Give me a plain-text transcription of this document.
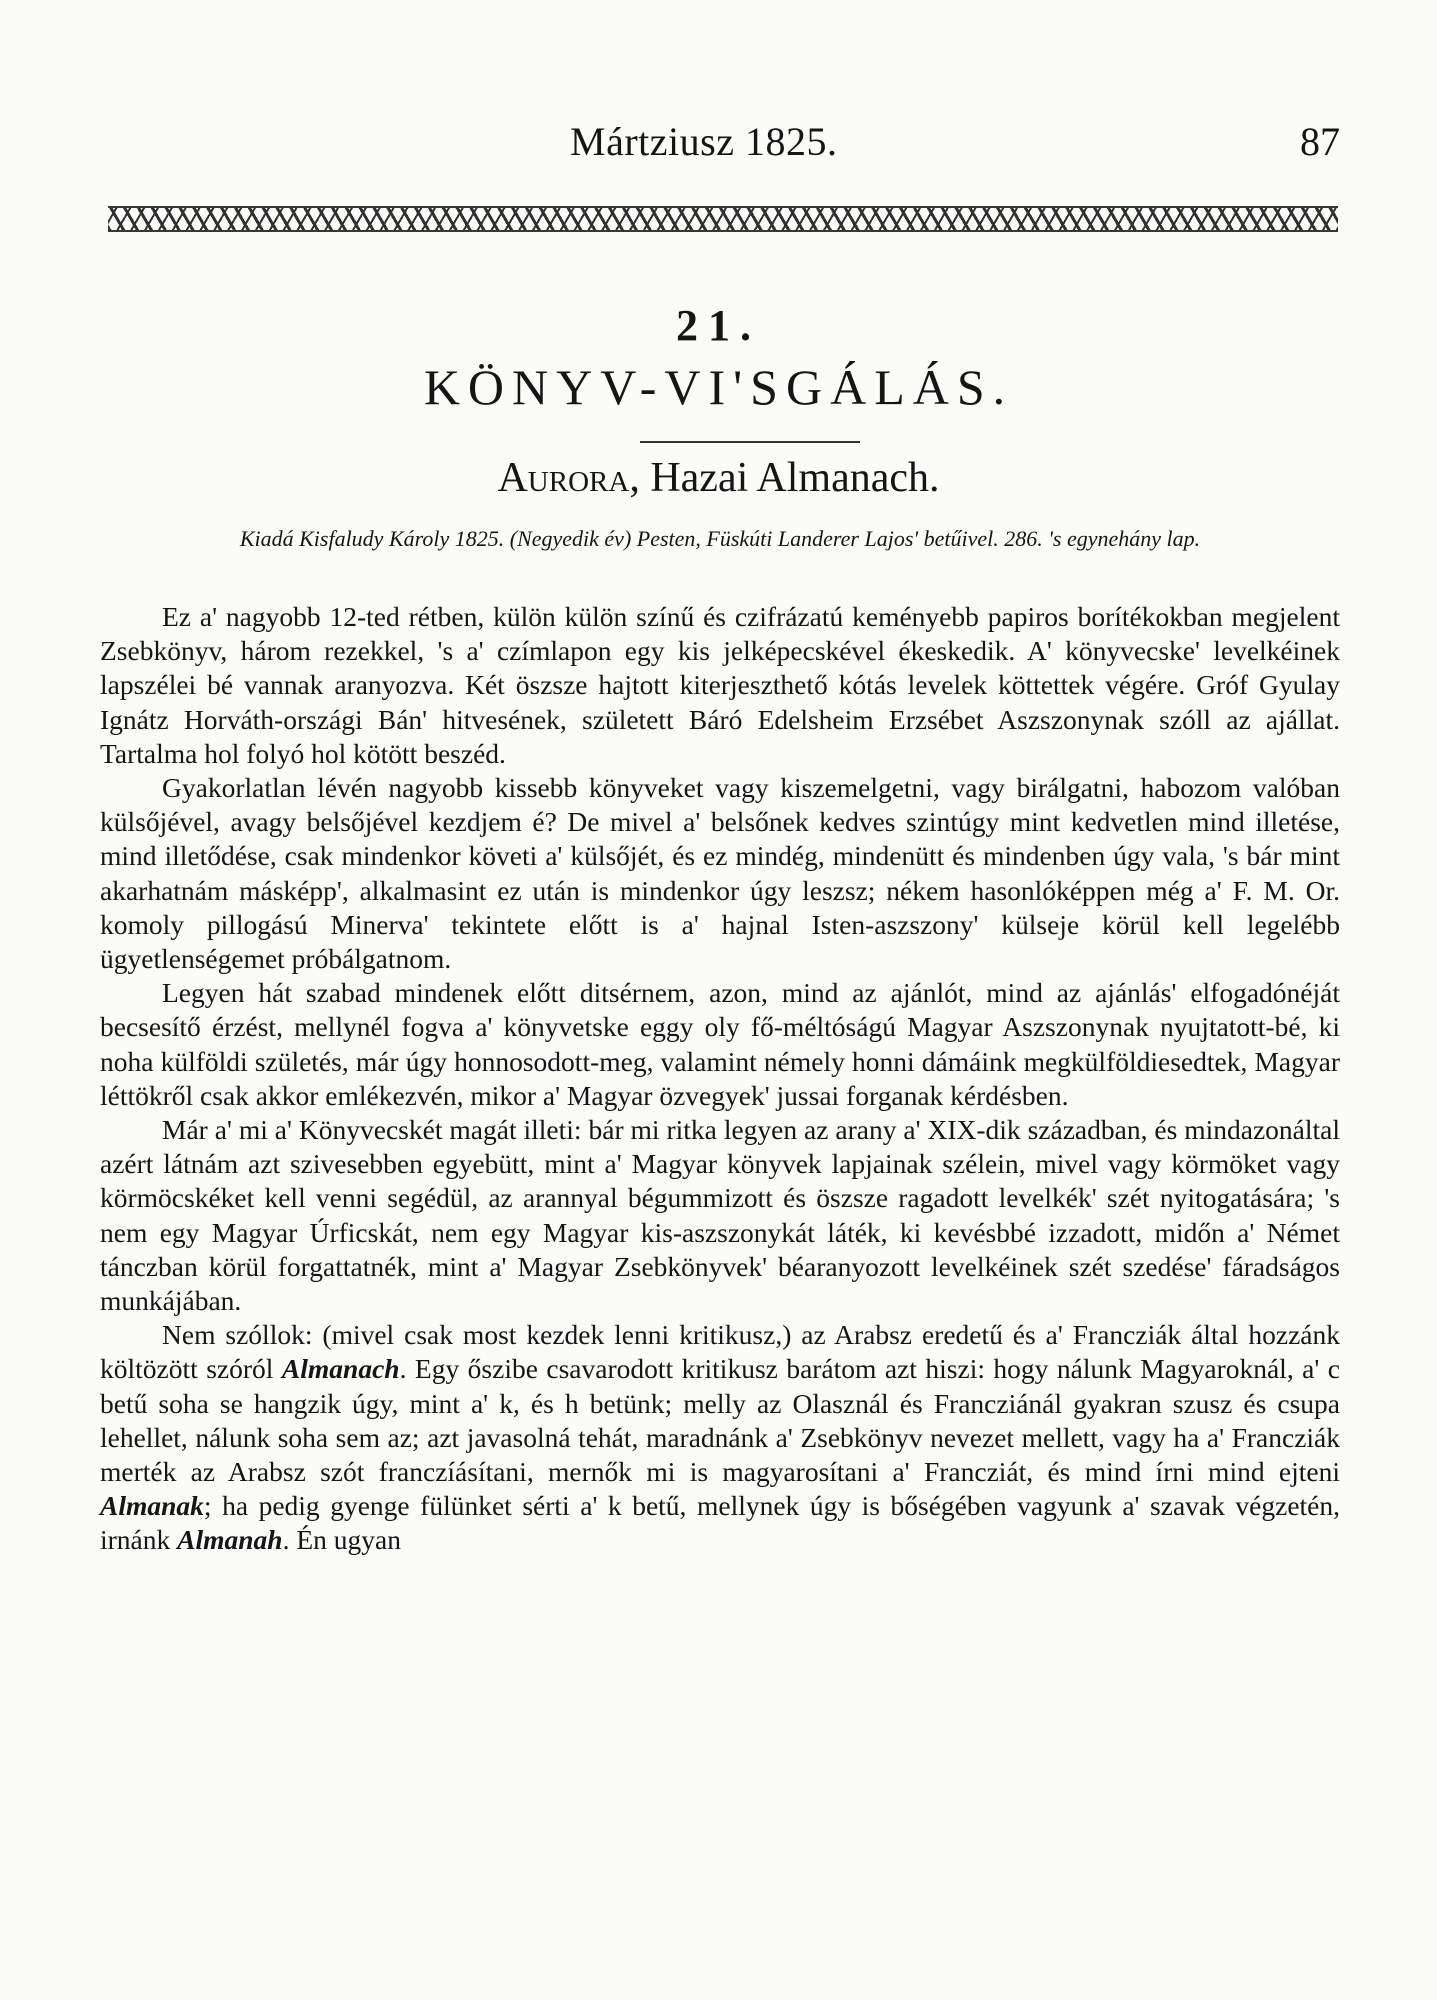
Mártziusz 1825.	87
21.
KÖNYV-VI'SGÁLÁS.
Aurora, Hazai Almanach.
Kiadá Kisfaludy Károly 1825. (Negyedik év) Pesten, Füskúti Landerer Lajos' betűivel. 286. 's egynehány lap.

Ez a' nagyobb 12-ted rétben, külön külön színű és czifrázatú keményebb papiros borítékokban megjelent Zsebkönyv, három rezekkel, 's a' czímlapon egy kis jelképecskével ékeskedik. A' könyvecske' levelkéinek lapszélei bé vannak aranyozva. Két öszsze hajtott kiterjeszthető kótás levelek köttettek végére. Gróf Gyulay Ignátz Horváth-országi Bán' hitvesének, született Báró Edelsheim Erzsébet Aszszonynak szóll az ajállat. Tartalma hol folyó hol kötött beszéd.

Gyakorlatlan lévén nagyobb kissebb könyveket vagy kiszemelgetni, vagy birálgatni, habozom valóban külsőjével, avagy belsőjével kezdjem é? De mivel a' belsőnek kedves szintúgy mint kedvetlen mind illetése, mind illetődése, csak mindenkor követi a' külsőjét, és ez mindég, mindenütt és mindenben úgy vala, 's bár mint akarhatnám másképp', alkalmasint ez után is mindenkor úgy leszsz; nékem hasonlóképpen még a' F. M. Or. komoly pillogású Minerva' tekintete előtt is a' hajnal Isten-aszszony' külseje körül kell legelébb ügyetlenségemet próbálgatnom.

Legyen hát szabad mindenek előtt ditsérnem, azon, mind az ajánlót, mind az ajánlás' elfogadónéját becsesítő érzést, mellynél fogva a' könyvetske eggy oly fő-méltóságú Magyar Aszszonynak nyujtatott-bé, ki noha külföldi születés, már úgy honnosodott-meg, valamint némely honni dámáink megkülföldiesedtek, Magyar léttökről csak akkor emlékezvén, mikor a' Magyar özvegyek' jussai forganak kérdésben.

Már a' mi a' Könyvecskét magát illeti: bár mi ritka legyen az arany a' XIX-dik században, és mindazonáltal azért látnám azt szivesebben egyebütt, mint a' Magyar könyvek lapjainak szélein, mivel vagy körmöket vagy körmöcskéket kell venni segédül, az arannyal bégummizott és öszsze ragadott levelkék' szét nyitogatására; 's nem egy Magyar Úrficskát, nem egy Magyar kis-aszszonykát láték, ki kevésbbé izzadott, midőn a' Német tánczban körül forgattatnék, mint a' Magyar Zsebkönyvek' béaranyozott levelkéinek szét szedése' fáradságos munkájában.

Nem szóllok: (mivel csak most kezdek lenni kritikusz,) az Arabsz eredetű és a' Francziák által hozzánk költözött szóról Almanach. Egy őszibe csavarodott kritikusz barátom azt hiszi: hogy nálunk Magyaroknál, a' c betű soha se hangzik úgy, mint a' k, és h betünk; melly az Olasznál és Francziánál gyakran szusz és csupa lehellet, nálunk soha sem az; azt javasolná tehát, maradnánk a' Zsebkönyv nevezet mellett, vagy ha a' Francziák merték az Arabsz szót franczíásítani, mernők mi is magyarosítani a' Francziát, és mind írni mind ejteni Almanak; ha pedig gyenge fülünket sérti a' k betű, mellynek úgy is bőségében vagyunk a' szavak végzetén, irnánk Almanah. Én ugyan
